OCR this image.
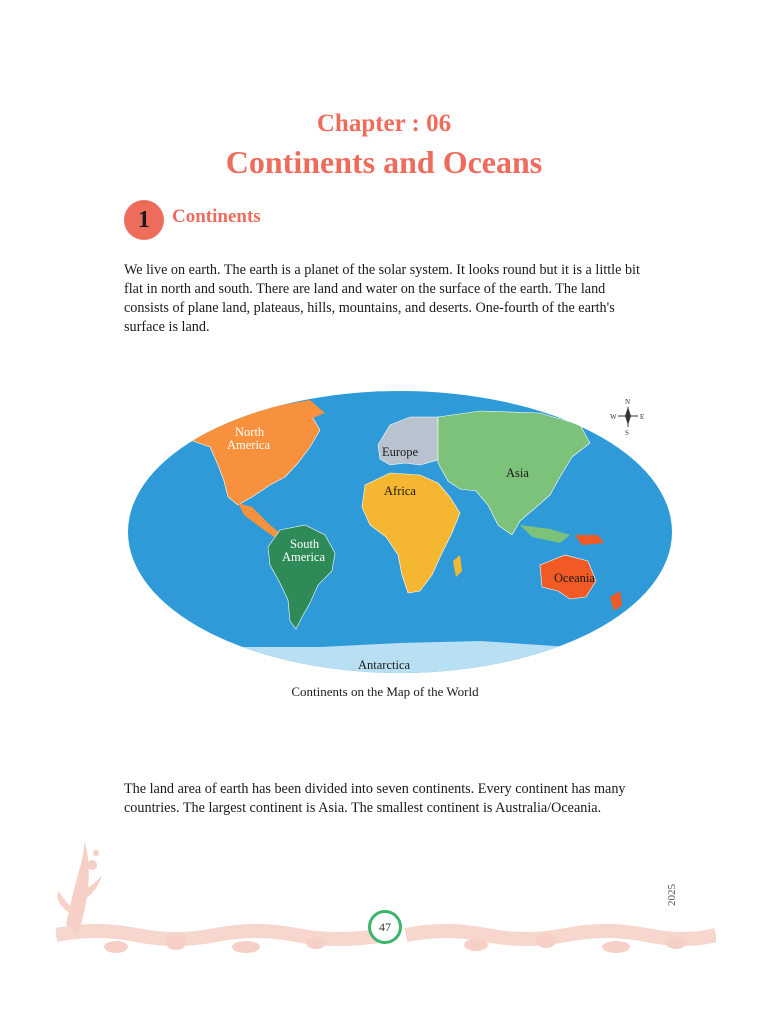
Chapter : 06
Continents and Oceans
1	Continents
We live on earth. The earth is a planet of the solar system. It looks round but it is a little bit flat in north and south. There are land and water on the surface of the earth. The land consists of plane land, plateaus, hills, mountains, and deserts. One-fourth of the earth's surface is land.
North
America
South
America
Europe
Africa
Asia
Oceania
Antarctica
N
S
E
W
Continents on the Map of the World
The land area of earth has been divided into seven continents. Every continent has many countries. The largest continent is Asia. The smallest continent is Australia/Oceania.
47
2025
